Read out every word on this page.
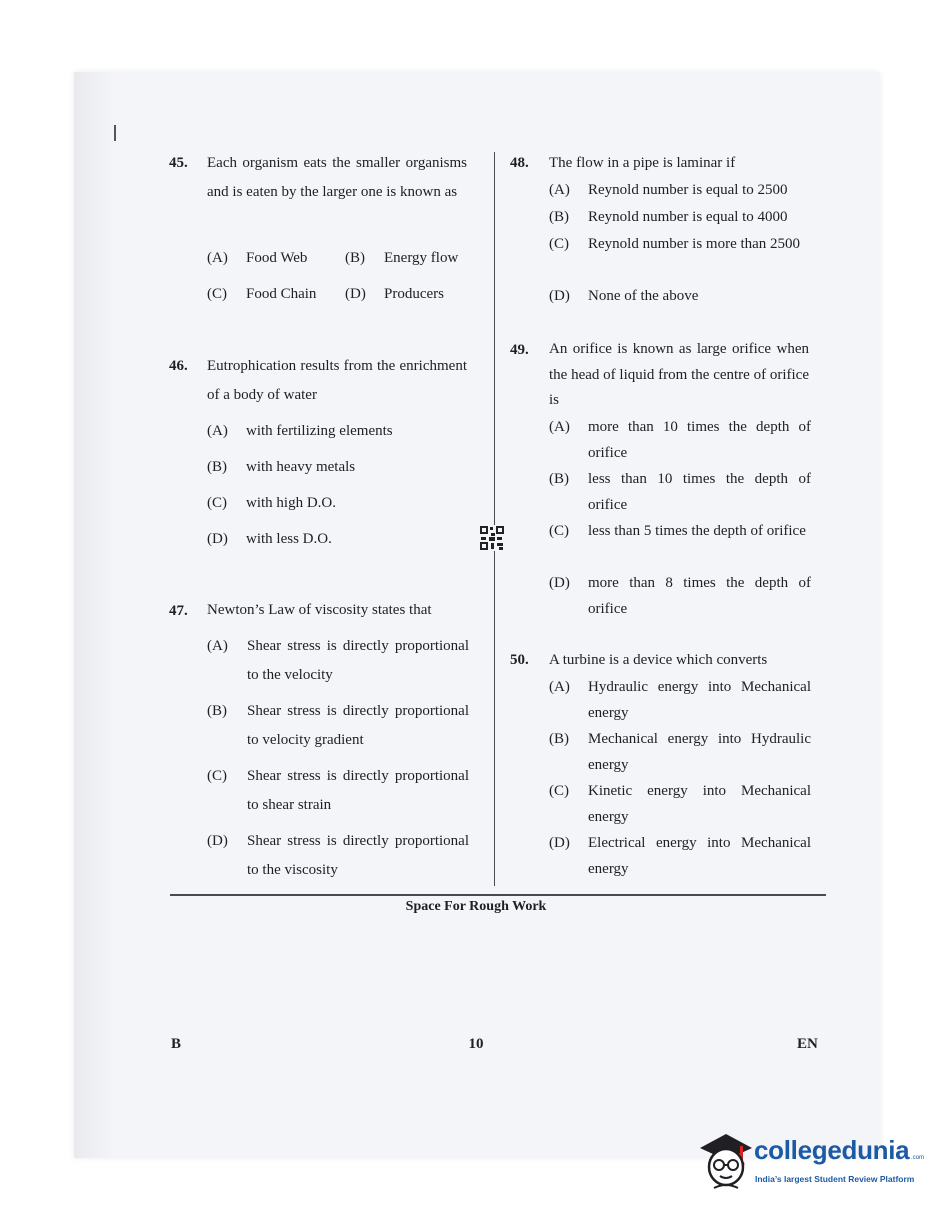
45. Each organism eats the smaller organisms and is eaten by the larger one is known as
(A) Food Web	(B) Energy flow
(C) Food Chain (D) Producers
46. Eutrophication results from the enrichment of a body of water
(A) with fertilizing elements
(B) with heavy metals
(C) with high D.O.
(D) with less D.O.
47. Newton’s Law of viscosity states that
(A) Shear stress is directly proportional to the velocity
(B) Shear stress is directly proportional to velocity gradient
(C) Shear stress is directly proportional to shear strain
(D) Shear stress is directly proportional to the viscosity
48. The flow in a pipe is laminar if
(A) Reynold number is equal to 2500
(B) Reynold number is equal to 4000
(C) Reynold number is more than 2500
(D) None of the above
49. An orifice is known as large orifice when the head of liquid from the centre of orifice is
(A) more than 10 times the depth of orifice
(B) less than 10 times the depth of orifice
(C) less than 5 times the depth of orifice
(D) more than 8 times the depth of orifice
50. A turbine is a device which converts
(A) Hydraulic energy into Mechanical energy
(B) Mechanical energy into Hydraulic energy
(C) Kinetic energy into Mechanical energy
(D) Electrical energy into Mechanical energy
Space For Rough Work
B	10	EN
collegedunia .com
India’s largest Student Review Platform
